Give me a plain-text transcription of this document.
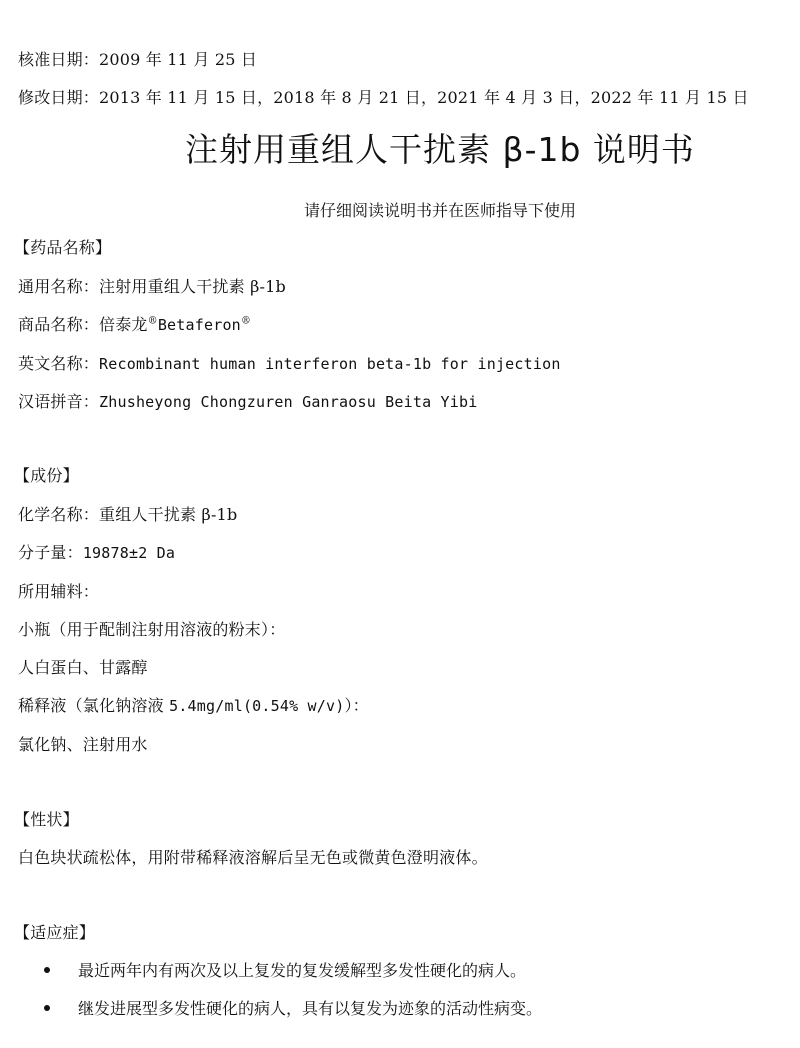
核准日期：2009 年 11 月 25 日
修改日期：2013 年 11 月 15 日，2018 年 8 月 21 日，2021 年 4 月 3 日，2022 年 11 月 15 日
注射用重组人干扰素 β-1b 说明书
请仔细阅读说明书并在医师指导下使用
【药品名称】
通用名称：注射用重组人干扰素 β-1b
商品名称：倍泰龙®Betaferon®
英文名称：Recombinant human interferon beta-1b for injection
汉语拼音：Zhusheyong Chongzuren Ganraosu Beita Yibi
【成份】
化学名称：重组人干扰素 β-1b
分子量：19878±2 Da
所用辅料：
小瓶（用于配制注射用溶液的粉末）：
人白蛋白、甘露醇
稀释液（氯化钠溶液 5.4mg/ml(0.54% w/v)）：
氯化钠、注射用水
【性状】
白色块状疏松体，用附带稀释液溶解后呈无色或微黄色澄明液体。
【适应症】
最近两年内有两次及以上复发的复发缓解型多发性硬化的病人。
继发进展型多发性硬化的病人，具有以复发为迹象的活动性病变。
